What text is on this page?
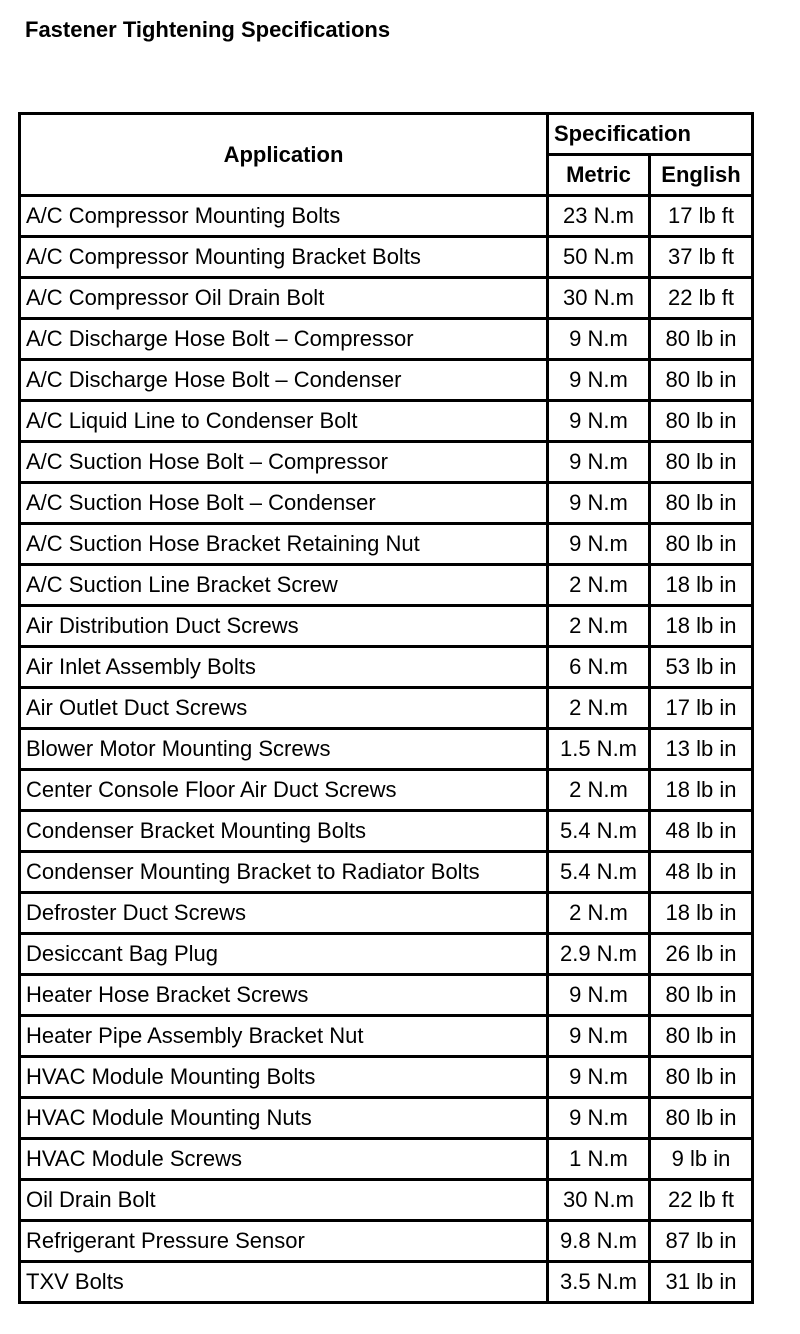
Fastener Tightening Specifications
Application	Specification	
	Metric	English
A/C Compressor Mounting Bolts	23 N.m	17 lb ft
A/C Compressor Mounting Bracket Bolts	50 N.m	37 lb ft
A/C Compressor Oil Drain Bolt	30 N.m	22 lb ft
A/C Discharge Hose Bolt – Compressor	9 N.m	80 lb in
A/C Discharge Hose Bolt – Condenser	9 N.m	80 lb in
A/C Liquid Line to Condenser Bolt	9 N.m	80 lb in
A/C Suction Hose Bolt – Compressor	9 N.m	80 lb in
A/C Suction Hose Bolt – Condenser	9 N.m	80 lb in
A/C Suction Hose Bracket Retaining Nut	9 N.m	80 lb in
A/C Suction Line Bracket Screw	2 N.m	18 lb in
Air Distribution Duct Screws	2 N.m	18 lb in
Air Inlet Assembly Bolts	6 N.m	53 lb in
Air Outlet Duct Screws	2 N.m	17 lb in
Blower Motor Mounting Screws	1.5 N.m	13 lb in
Center Console Floor Air Duct Screws	2 N.m	18 lb in
Condenser Bracket Mounting Bolts	5.4 N.m	48 lb in
Condenser Mounting Bracket to Radiator Bolts	5.4 N.m	48 lb in
Defroster Duct Screws	2 N.m	18 lb in
Desiccant Bag Plug	2.9 N.m	26 lb in
Heater Hose Bracket Screws	9 N.m	80 lb in
Heater Pipe Assembly Bracket Nut	9 N.m	80 lb in
HVAC Module Mounting Bolts	9 N.m	80 lb in
HVAC Module Mounting Nuts	9 N.m	80 lb in
HVAC Module Screws	1 N.m	9 lb in
Oil Drain Bolt	30 N.m	22 lb ft
Refrigerant Pressure Sensor	9.8 N.m	87 lb in
TXV Bolts	3.5 N.m	31 lb in
